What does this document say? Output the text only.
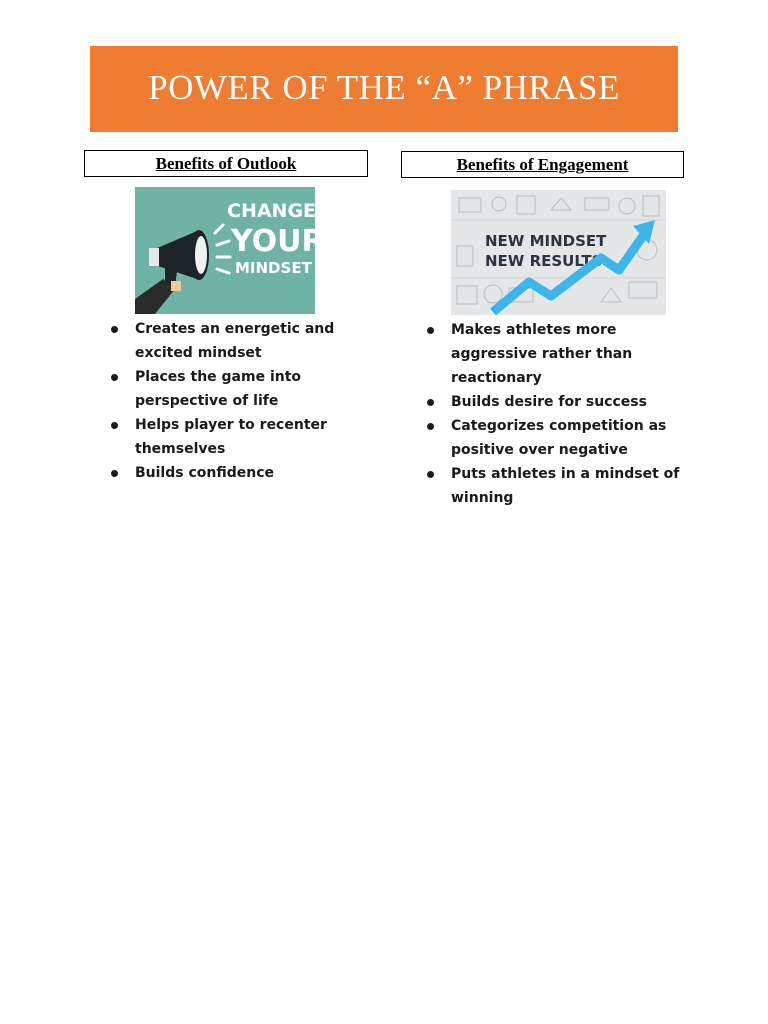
POWER OF THE “A” PHRASE
Benefits of Outlook	Benefits of Engagement
CHANGE
YOUR
MINDSET
NEW MINDSET
NEW RESULTS
Creates an energetic and excited mindset
Places the game into perspective of life
Helps player to recenter themselves
Builds confidence
Makes athletes more aggressive rather than reactionary
Builds desire for success
Categorizes competition as positive over negative
Puts athletes in a mindset of winning
